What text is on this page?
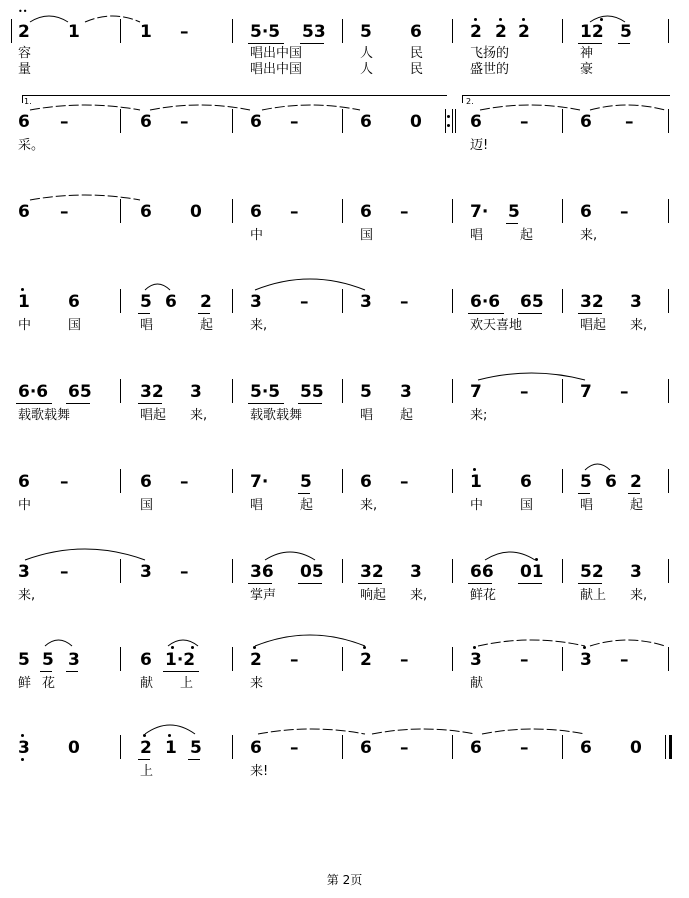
2 1	1 –	5·5 53 5 6	2 2 2	12 5
容	唱出中国	人	民	飞扬的	神
量	唱出中国	人	民	盛世的	豪
1.	2.
6 –	6 –	6 –	6 0	6 –	6 –
采。	迈!
6 –	6 0	6 –	6 –	7· 5	6 –
中	国	唱	起	来,
1 6	5 6 2 3 –	3 –	6·6 65 32 3
中	国	唱	起	来,	欢天喜地	唱起 来,
6·6 65	32 3	5·5 55 5 3	7 –	7 –
载歌载舞	唱起 来,	载歌载舞	唱 起	来;
6 –	6 –	7· 5	6 –	1 6	5 6 2
中	国	唱	起	来,	中	国	唱	起
3 –	3 –	36 05 32 3	66 01 52 3
来,	掌声	响起 来,	鲜花	献上 来,
5 5 3	6 1·2	2 –	2 –	3 –	3 –
鲜 花	献 上	来	献
3 0	2 1 5	6 –	6 –	6 –	6 0
上	来!
••
第 2页
